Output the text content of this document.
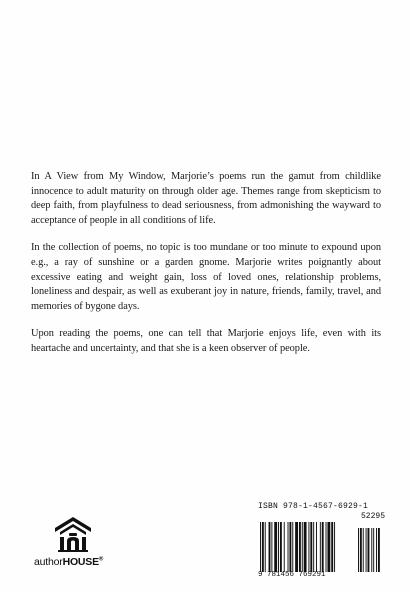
In A View from My Window, Marjorie’s poems run the gamut from childlike innocence to adult maturity on through older age. Themes range from skepticism to deep faith, from playfulness to dead seriousness, from admonishing the wayward to acceptance of people in all conditions of life.

In the collection of poems, no topic is too mundane or too minute to expound upon e.g., a ray of sunshine or a garden gnome. Marjorie writes poignantly about excessive eating and weight gain, loss of loved ones, relationship problems, loneliness and despair, as well as exuberant joy in nature, friends, family, travel, and memories of bygone days.

Upon reading the poems, one can tell that Marjorie enjoys life, even with its heartache and uncertainty, and that she is a keen observer of people.

authorHOUSE®
ISBN 978-1-4567-6929-1
52295
9 781456 769291
